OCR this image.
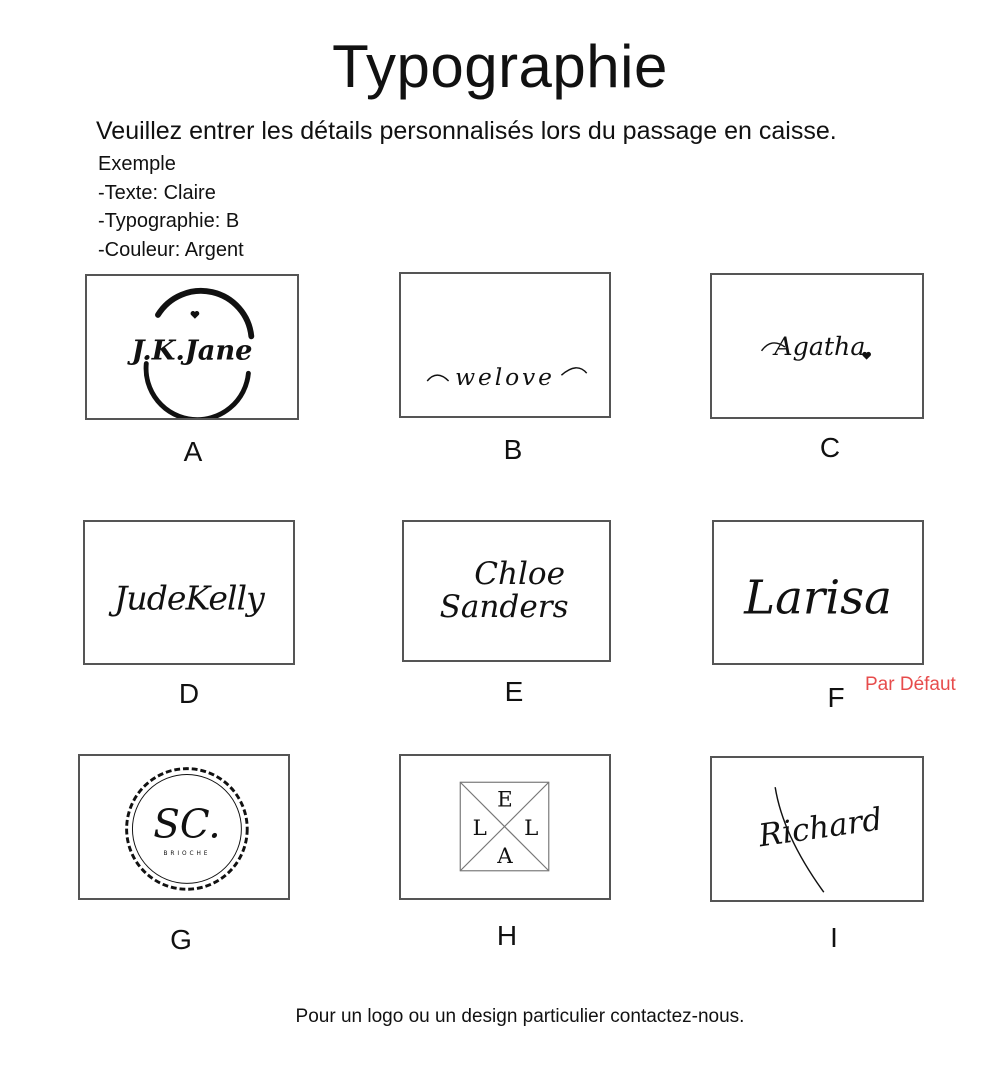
Typographie

Veuillez entrer les détails personnalisés lors du passage en caisse.

Exemple
-Texte: Claire
-Typographie: B
-Couleur: Argent
J.K.Jane
A
welove
B
Agatha
C
JudeKelly
D
Chloe
Sanders
E
Larisa
F	Par Défaut
SC.
BRIOCHE
G
E
L L
A
H
Richard
I
Pour un logo ou un design particulier contactez-nous.
